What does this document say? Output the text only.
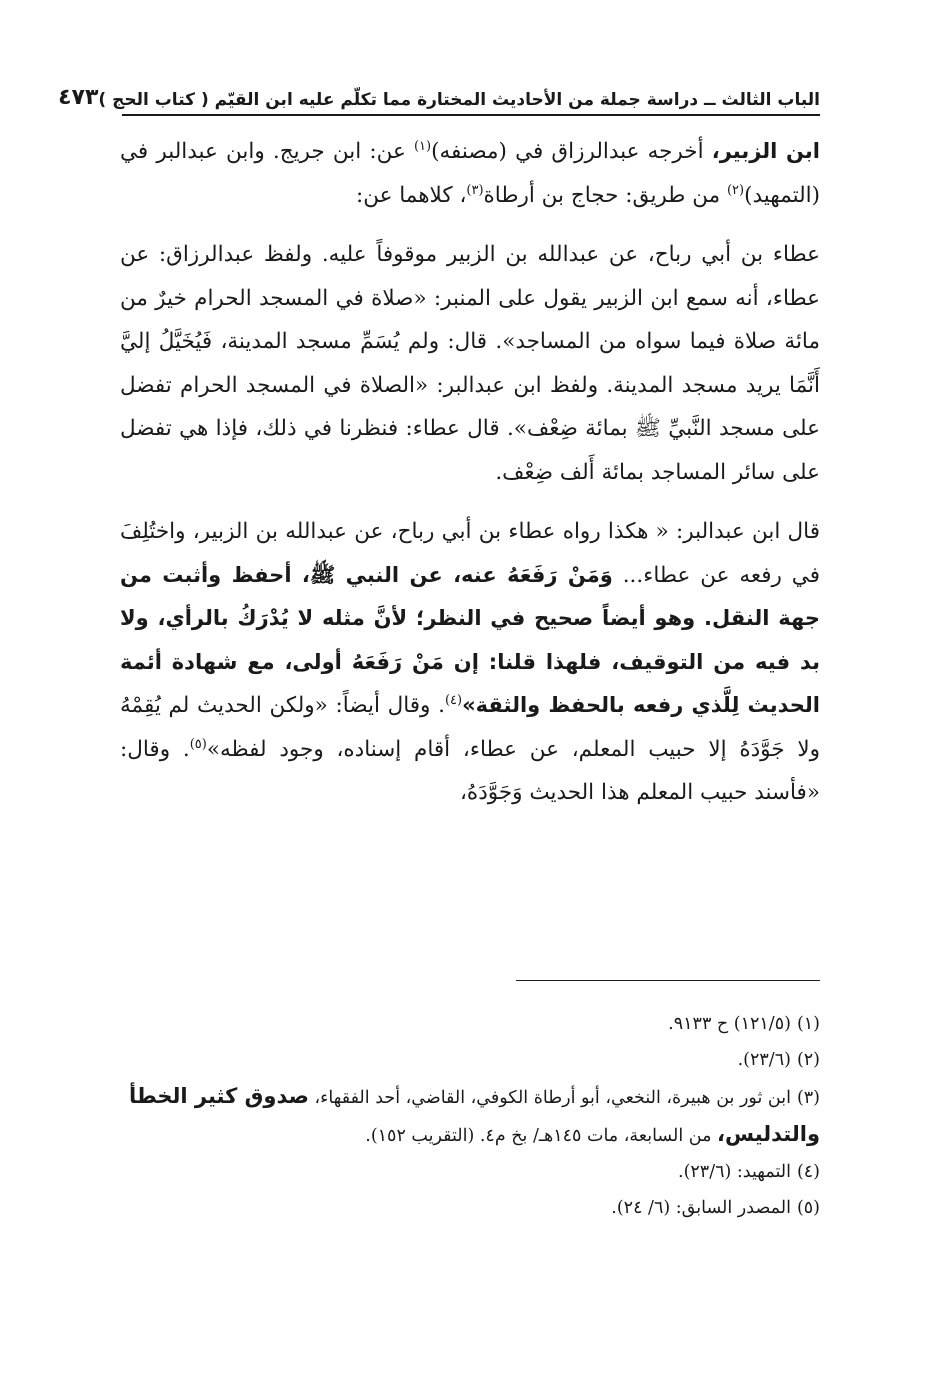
الباب الثالث ــ دراسة جملة من الأحاديث المختارة مما تكلّم عليه ابن القيّم ( كتاب الحج )
٤٧٣

ابن الزبير، أخرجه عبدالرزاق في (مصنفه)$^{(١)}$ عن: ابن جريج. وابن عبدالبر في (التمهيد)$^{(٢)}$ من طريق: حجاج بن أرطاة$^{(٣)}$، كلاهما عن:

عطاء بن أبي رباح، عن عبدالله بن الزبير موقوفاً عليه. ولفظ عبدالرزاق: عن عطاء، أنه سمع ابن الزبير يقول على المنبر: «صلاة في المسجد الحرام خيرٌ من مائة صلاة فيما سواه من المساجد». قال: ولم يُسَمِّ مسجد المدينة، فَيُخَيَّلُ إليَّ أَنَّمَا يريد مسجد المدينة. ولفظ ابن عبدالبر: «الصلاة في المسجد الحرام تفضل على مسجد النَّبيِّ ﷺ بمائة ضِعْف». قال عطاء: فنظرنا في ذلك، فإذا هي تفضل على سائر المساجد بمائة أَلف ضِعْف.

قال ابن عبدالبر: « هكذا رواه عطاء بن أبي رباح، عن عبدالله بن الزبير، واختُلِفَ في رفعه عن عطاء... وَمَنْ رَفَعَهُ عنه، عن النبي ﷺ، أحفظ وأثبت من جهة النقل. وهو أيضاً صحيح في النظر؛ لأنَّ مثله لا يُدْرَكُ بالرأي، ولا بد فيه من التوقيف، فلهذا قلنا: إن مَنْ رَفَعَهُ أولى، مع شهادة أئمة الحديث لِلَّذي رفعه بالحفظ والثقة»$^{(٤)}$. وقال أيضاً: «ولكن الحديث لم يُقِمْهُ ولا جَوَّدَهُ إلا حبيب المعلم، عن عطاء، أقام إسناده، وجود لفظه»$^{(٥)}$. وقال: «فأسند حبيب المعلم هذا الحديث وَجَوَّدَهُ،

(١)(١٢١/٥) ح ٩١٣٣.

(٢)(٢٣/٦).

(٣)ابن ثور بن هبيرة، النخعي، أبو أرطاة الكوفي، القاضي، أحد الفقهاء، صدوق كثير الخطأ والتدليس، من السابعة، مات ١٤٥هـ/ بخ م٤. (التقريب ١٥٢).

(٤)التمهيد: (٢٣/٦).

(٥)المصدر السابق: (٦/ ٢٤).
